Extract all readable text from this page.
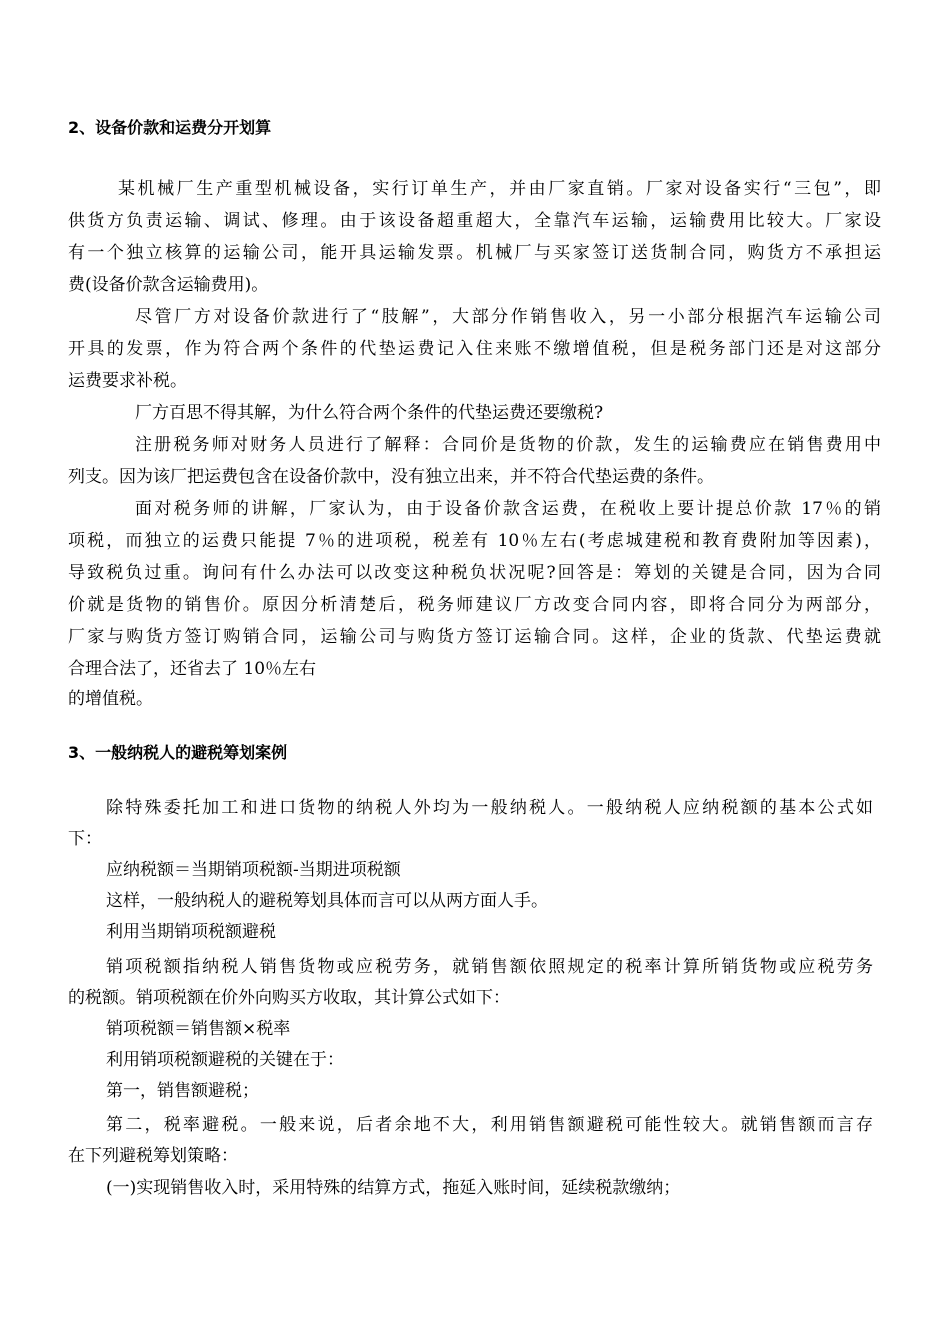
2、设备价款和运费分开划算
某机械厂生产重型机械设备，实行订单生产，并由厂家直销。厂家对设备实行“三包”，即
供货方负责运输、调试、修理。由于该设备超重超大，全靠汽车运输，运输费用比较大。厂家设
有一个独立核算的运输公司，能开具运输发票。机械厂与买家签订送货制合同，购货方不承担运
费(设备价款含运输费用)。
尽管厂方对设备价款进行了“肢解”，大部分作销售收入，另一小部分根据汽车运输公司
开具的发票，作为符合两个条件的代垫运费记入住来账不缴增值税，但是税务部门还是对这部分
运费要求补税。
厂方百思不得其解，为什么符合两个条件的代垫运费还要缴税?
注册税务师对财务人员进行了解释：合同价是货物的价款，发生的运输费应在销售费用中
列支。因为该厂把运费包含在设备价款中，没有独立出来，并不符合代垫运费的条件。
面对税务师的讲解，厂家认为，由于设备价款含运费，在税收上要计提总价款 17％的销
项税，而独立的运费只能提 7％的进项税，税差有 10％左右(考虑城建税和教育费附加等因素)，
导致税负过重。询问有什么办法可以改变这种税负状况呢?回答是：筹划的关键是合同，因为合同
价就是货物的销售价。原因分析清楚后，税务师建议厂方改变合同内容，即将合同分为两部分，
厂家与购货方签订购销合同，运输公司与购货方签订运输合同。这样，企业的货款、代垫运费就
合理合法了，还省去了 10％左右
的增值税。
3、一般纳税人的避税筹划案例
除特殊委托加工和进口货物的纳税人外均为一般纳税人。一般纳税人应纳税额的基本公式如
下：
应纳税额＝当期销项税额-当期进项税额
这样，一般纳税人的避税筹划具体而言可以从两方面人手。
利用当期销项税额避税
销项税额指纳税人销售货物或应税劳务，就销售额依照规定的税率计算所销货物或应税劳务
的税额。销项税额在价外向购买方收取，其计算公式如下：
销项税额＝销售额×税率
利用销项税额避税的关键在于：
第一，销售额避税；
第二，税率避税。一般来说，后者余地不大，利用销售额避税可能性较大。就销售额而言存
在下列避税筹划策略：
(一)实现销售收入时，采用特殊的结算方式，拖延入账时间，延续税款缴纳；
